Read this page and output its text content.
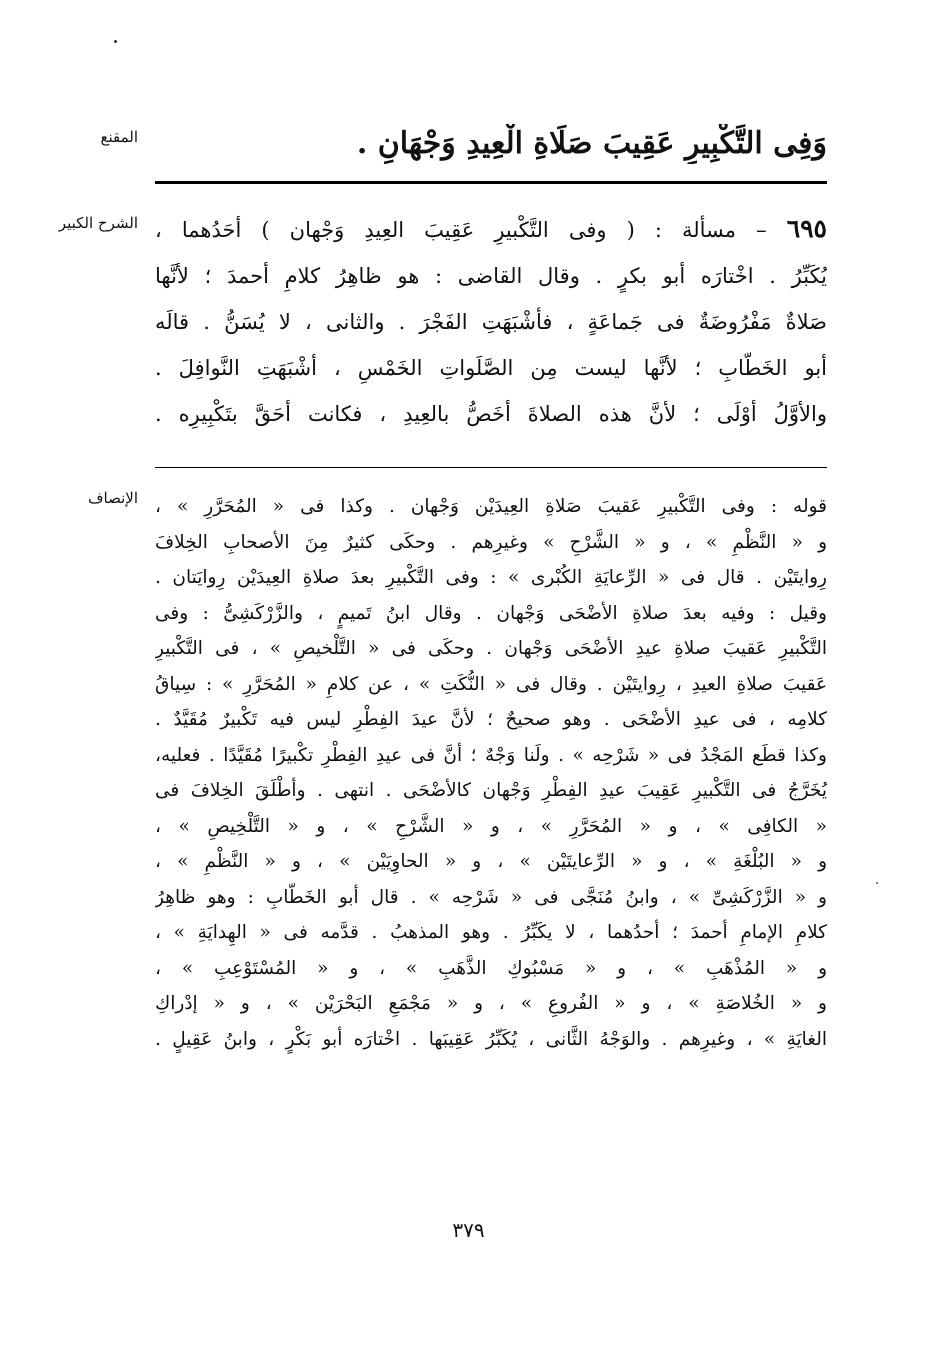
المقنع	وَفِى التَّكْبِيرِ عَقِيبَ صَلَاةِ الْعِيدِ وَجْهَانِ .
الشرح الكبير	٦٩٥ – مسألة : ( وفى التَّكْبيرِ عَقِيبَ العِيدِ وَجْهان ) أحَدُهما ،
يُكَبِّرُ . اخْتارَه أبو بكرٍ . وقال القاضى : هو ظاهِرُ كلامِ أحمدَ ؛ لأنَّها
صَلاةٌ مَفْرُوضَةٌ فى جَماعَةٍ ، فأشْبَهَتِ الفَجْرَ . والثانى ، لا يُسَنُّ . قالَه
أبو الخَطّابِ ؛ لأنَّها ليست مِن الصَّلَواتِ الخَمْسِ ، أشْبَهَتِ النَّوافِلَ .
والأوَّلُ أوْلَى ؛ لأنَّ هذه الصلاةَ أخَصُّ بالعِيدِ ، فكانت أحَقَّ بتَكْبِيرِه .
الإنصاف قوله : وفى التَّكْبيرِ عَقيبَ صَلاةِ العِيدَيْن وَجْهان . وكذا فى « المُحَرَّرِ » ،
و « النَّظْمِ » ، و « الشَّرْحِ » وغيرِهم . وحكَى كثيرٌ مِنَ الأصحابِ الخِلافَ
رِوايتَيْن . قال فى « الرِّعايَةِ الكُبْرى » : وفى التَّكْبيرِ بعدَ صلاةِ العِيدَيْن رِوايَتان .
وقيل : وفيه بعدَ صلاةِ الأضْحَى وَجْهان . وقال ابنُ تَميمٍ ، والزَّرْكَشِىُّ : وفى
التَّكْبيرِ عَقيبَ صلاةِ عيدِ الأضْحَى وَجْهان . وحكَى فى « التَّلْخيصِ » ، فى التَّكْبيرِ
عَقيبَ صلاةِ العيدِ ، رِوايتَيْن . وقال فى « النُّكَتِ » ، عن كلامِ « المُحَرَّرِ » : سِياقُ
كلامِه ، فى عيدِ الأضْحَى . وهو صحيحٌ ؛ لأنَّ عيدَ الفِطْرِ ليس فيه تَكْبيرٌ مُقَيَّدٌ .
وكذا قطَع المَجْدُ فى « شَرْحِه » . ولَنا وَجْهٌ ؛ أنَّ فى عيدِ الفِطْرِ تكْبيرًا مُقَيَّدًا . فعليه،
يُخَرَّجُ فى التَّكْبيرِ عَقِيبَ عيدِ الفِطْرِ وَجْهان كالأضْحَى . انتهى . وأطْلَقَ الخِلافَ فى
« الكافِى » ، و « المُحَرَّرِ » ، و « الشَّرْحِ » ، و « التَّلْخِيصِ » ،
و « البُلْغَةِ » ، و « الرِّعايتَيْن » ، و « الحاوِيَيْن » ، و « النَّظْمِ » ،
و « الزَّرْكَشِىِّ » ، وابنُ مُنَجَّى فى « شَرْحِه » . قال أبو الخَطّابِ : وهو ظاهِرُ
كلامِ الإمامِ أحمدَ ؛ أحدُهما ، لا يكَبِّرُ . وهو المذهبُ . قدَّمه فى « الهِدايَةِ » ،
و « المُذْهَبِ » ، و « مَسْبُوكِ الذَّهَبِ » ، و « المُسْتَوْعِبِ » ،
و « الخُلاصَةِ » ، و « الفُروعِ » ، و « مَجْمَعِ البَحْرَيْن » ، و « إدْراكِ
الغايَةِ » ، وغيرِهم . والوَجْهُ الثَّانى ، يُكَبِّرُ عَقِيبَها . اخْتارَه أبو بَكْرٍ ، وابنُ عَقِيلٍ .
٣٧٩
